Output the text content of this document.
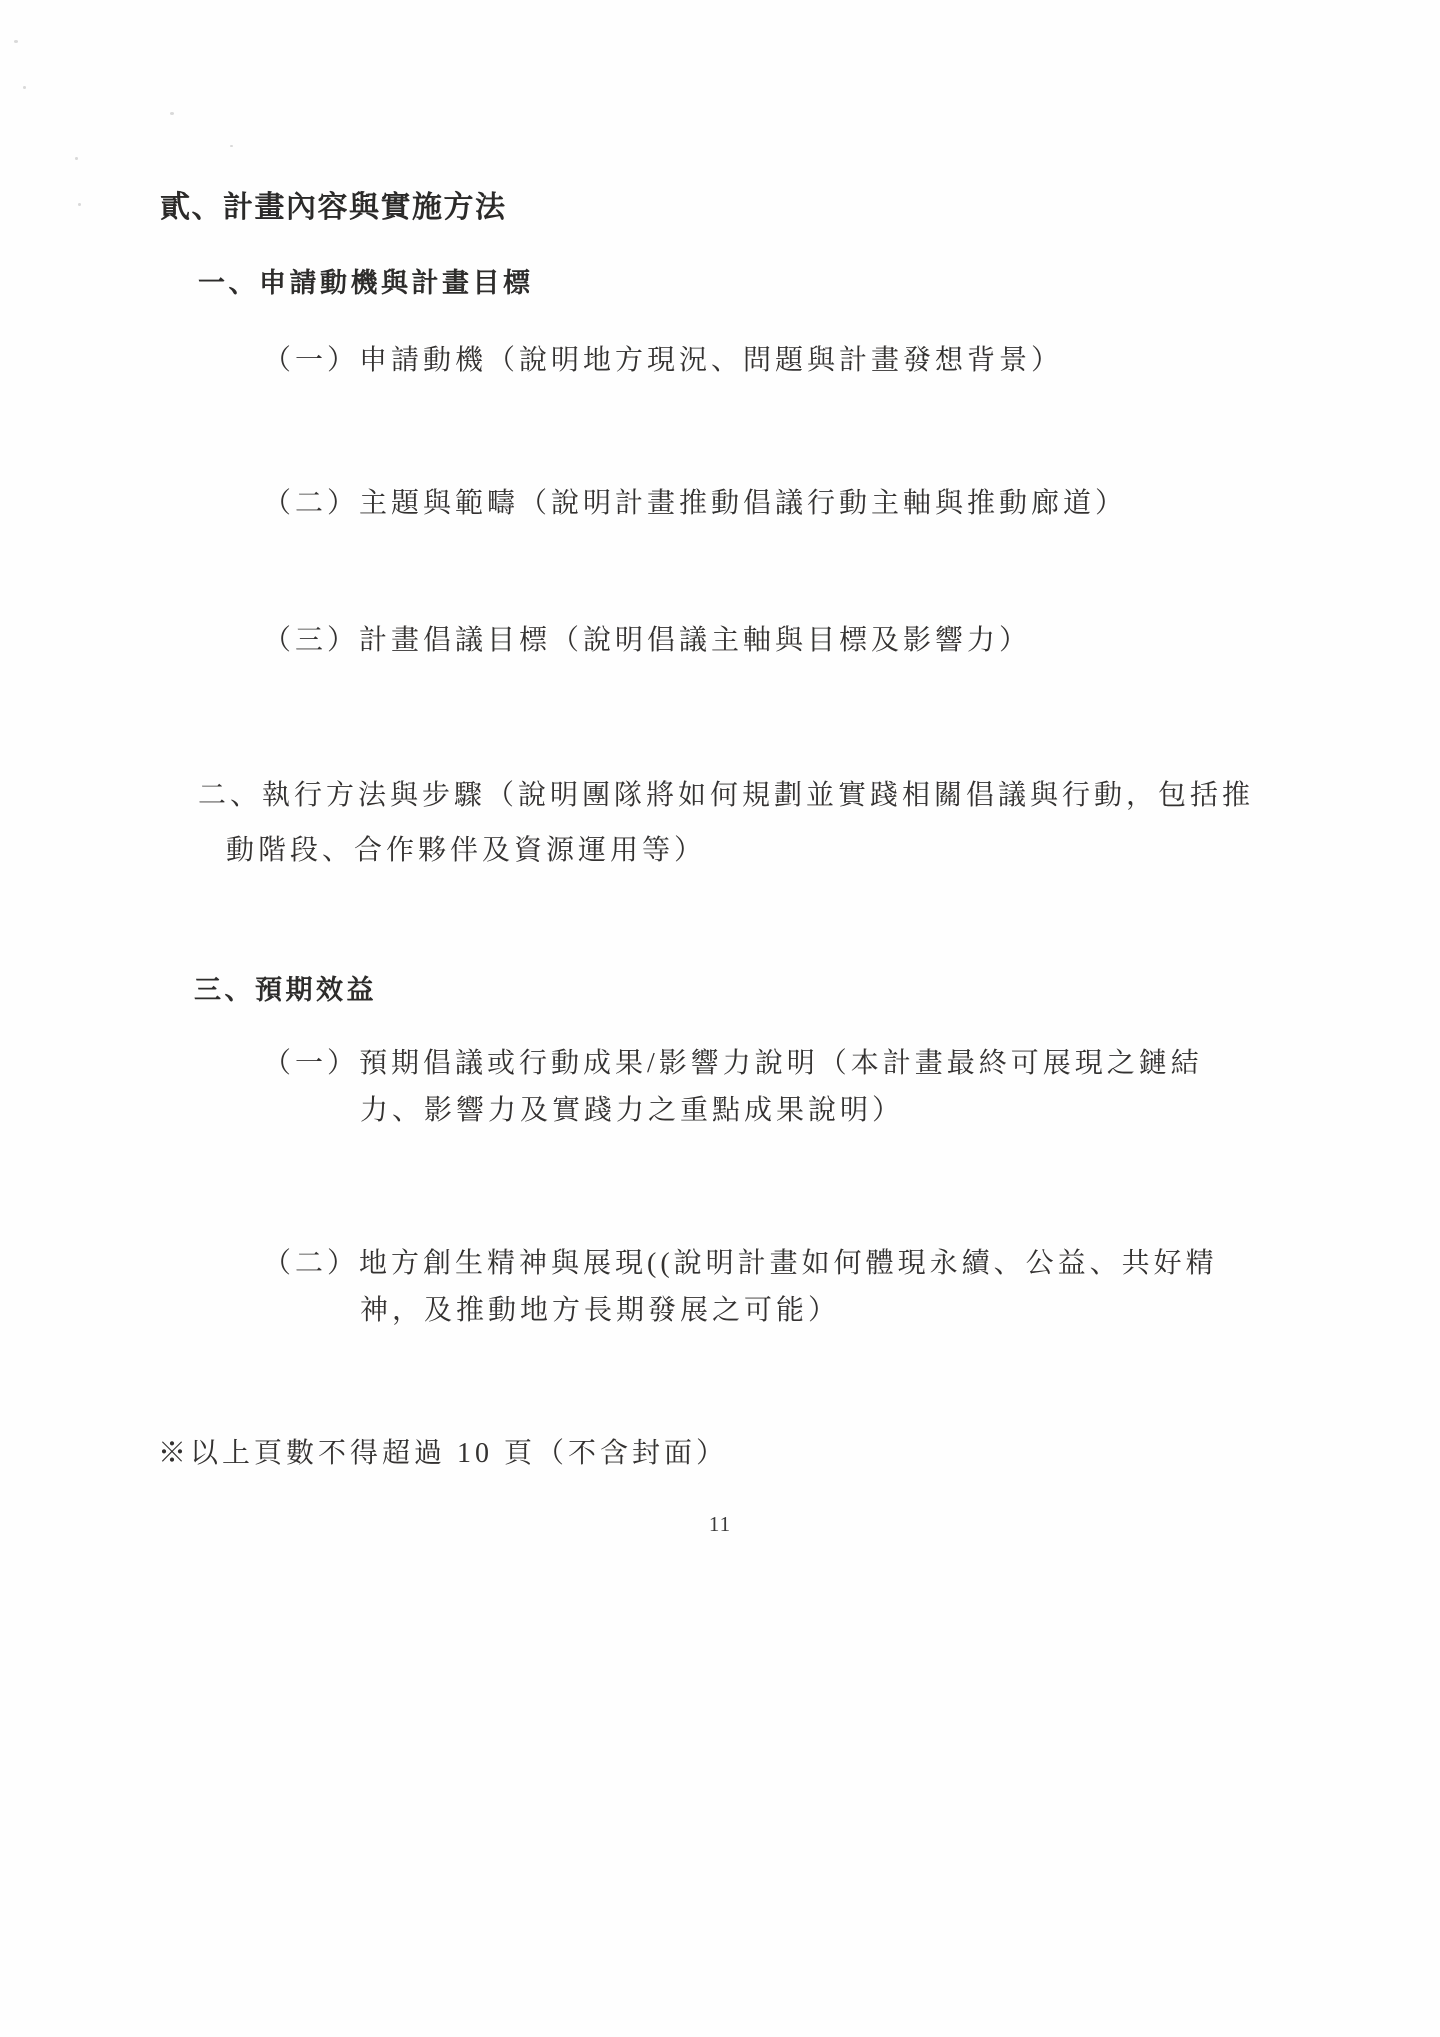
貳、計畫內容與實施方法
一、申請動機與計畫目標
（一）申請動機（說明地方現況、問題與計畫發想背景）
（二）主題與範疇（說明計畫推動倡議行動主軸與推動廊道）
（三）計畫倡議目標（說明倡議主軸與目標及影響力）
二、執行方法與步驟（說明團隊將如何規劃並實踐相關倡議與行動，包括推
動階段、合作夥伴及資源運用等）
三、預期效益
（一）預期倡議或行動成果/影響力說明（本計畫最終可展現之鏈結
力、影響力及實踐力之重點成果說明）
（二）地方創生精神與展現((說明計畫如何體現永續、公益、共好精
神，及推動地方長期發展之可能）
※以上頁數不得超過 10 頁（不含封面）
11
